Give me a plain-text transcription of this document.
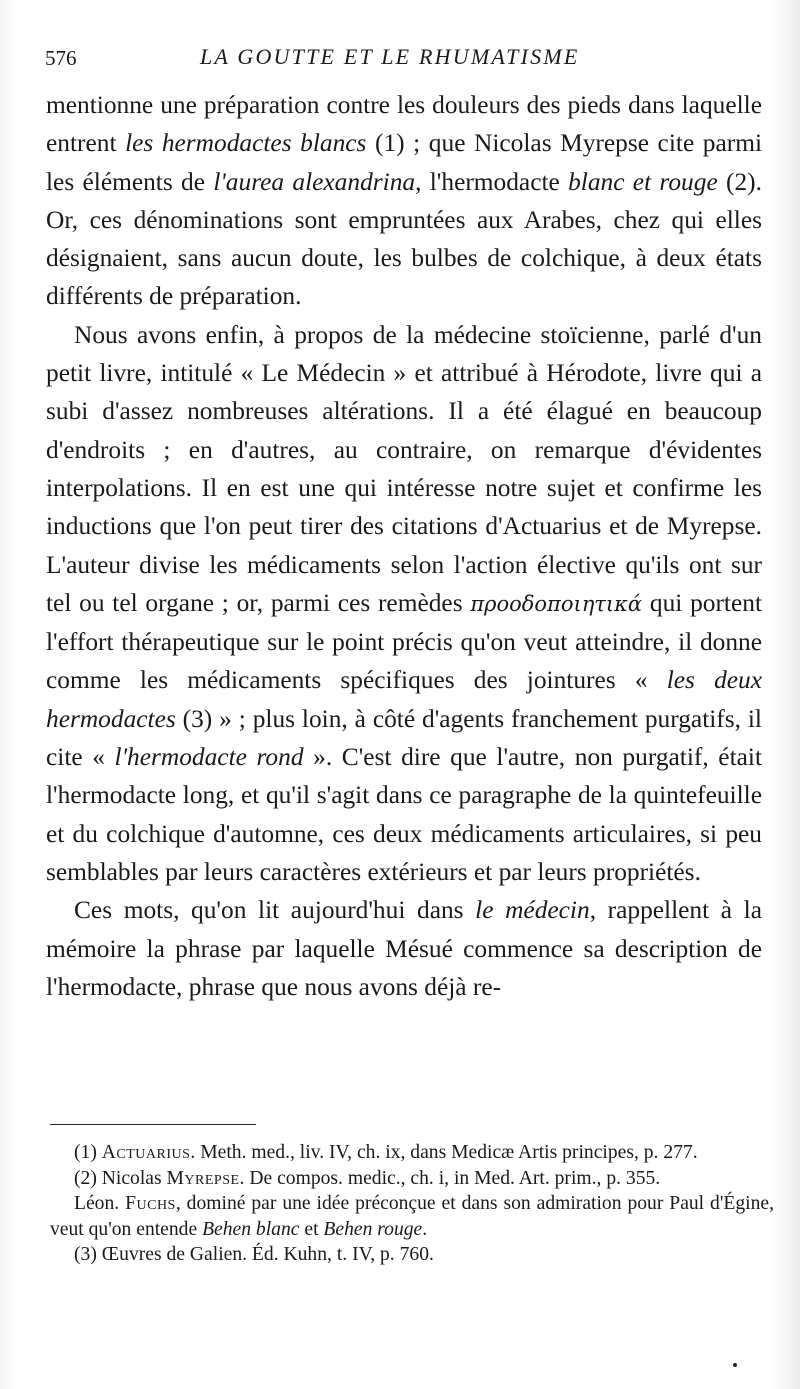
576	LA GOUTTE ET LE RHUMATISME

mentionne une préparation contre les douleurs des pieds dans laquelle entrent les hermodactes blancs (1) ; que Nicolas Myrepse cite parmi les éléments de l'aurea alexandrina, l'hermodacte blanc et rouge (2). Or, ces dénominations sont empruntées aux Arabes, chez qui elles désignaient, sans aucun doute, les bulbes de colchique, à deux états différents de préparation.

Nous avons enfin, à propos de la médecine stoïcienne, parlé d'un petit livre, intitulé « Le Médecin » et attribué à Hérodote, livre qui a subi d'assez nombreuses altérations. Il a été élagué en beaucoup d'endroits ; en d'autres, au contraire, on remarque d'évidentes interpolations. Il en est une qui intéresse notre sujet et confirme les inductions que l'on peut tirer des citations d'Actuarius et de Myrepse. L'auteur divise les médicaments selon l'action élective qu'ils ont sur tel ou tel organe ; or, parmi ces remèdes προοδοποιητικά qui portent l'effort thérapeutique sur le point précis qu'on veut atteindre, il donne comme les médicaments spécifiques des jointures « les deux hermodactes (3) » ; plus loin, à côté d'agents franchement purgatifs, il cite « l'hermodacte rond ». C'est dire que l'autre, non purgatif, était l'hermodacte long, et qu'il s'agit dans ce paragraphe de la quintefeuille et du colchique d'automne, ces deux médicaments articulaires, si peu semblables par leurs caractères extérieurs et par leurs propriétés.

Ces mots, qu'on lit aujourd'hui dans le médecin, rappellent à la mémoire la phrase par laquelle Mésué commence sa description de l'hermodacte, phrase que nous avons déjà re-

(1) Actuarius. Meth. med., liv. IV, ch. ix, dans Medicæ Artis principes, p. 277.

(2) Nicolas Myrepse. De compos. medic., ch. i, in Med. Art. prim., p. 355.

Léon. Fuchs, dominé par une idée préconçue et dans son admiration pour Paul d'Égine, veut qu'on entende Behen blanc et Behen rouge.

(3) Œuvres de Galien. Éd. Kuhn, t. IV, p. 760.
